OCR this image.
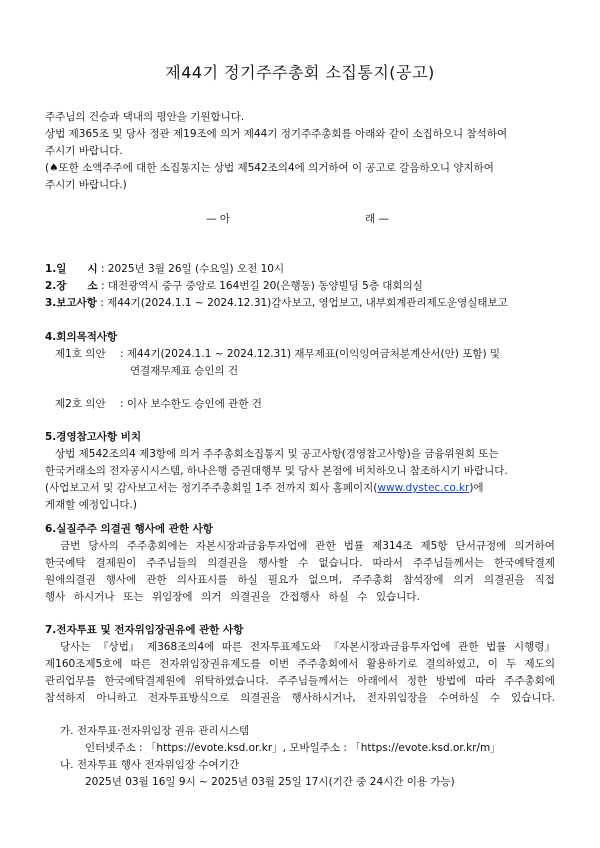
제44기 정기주주총회 소집통지(공고)
주주님의 건승과 댁내의 평안을 기원합니다.
상법 제365조 및 당사 정관 제19조에 의거 제44기 정기주주총회를 아래와 같이 소집하오니 참석하여
주시기 바랍니다.
(♠또한 소액주주에 대한 소집통지는 상법 제542조의4에 의거하여 이 공고로 갈음하오니 양지하여
주시기 바랍니다.)
— 아	래 —
1.일　　시 : 2025년 3월 26일 (수요일) 오전 10시
2.장　　소 : 대전광역시 중구 중앙로 164번길 20(은행동) 동양빌딩 5층 대회의실
3.보고사항 : 제44기(2024.1.1 ~ 2024.12.31)감사보고, 영업보고, 내부회계관리제도운영실태보고
4.회의목적사항
제1호 의안 : 제44기(2024.1.1 ~ 2024.12.31) 재무제표(이익잉여금처분계산서(안) 포함) 및
연결재무제표 승인의 건
제2호 의안 : 이사 보수한도 승인에 관한 건
5.경영참고사항 비치
상법 제542조의4 제3항에 의거 주주총회소집통지 및 공고사항(경영참고사항)을 금융위원회 또는
한국거래소의 전자공시시스템, 하나은행 증권대행부 및 당사 본점에 비치하오니 참조하시기 바랍니다.
(사업보고서 및 감사보고서는 정기주주총회일 1주 전까지 회사 홈페이지(www.dystec.co.kr)에
게재할 예정입니다.)
6.실질주주 의결권 행사에 관한 사항
금번 당사의 주주총회에는 자본시장과금융투자업에 관한 법률 제314조 제5항 단서규정에 의거하여
한국예탁 결제원이 주주님들의 의결권을 행사할 수 없습니다. 따라서 주주님들께서는 한국예탁결제
원에의결권 행사에 관한 의사표시를 하실 필요가 없으며, 주주총회 참석장에 의거 의결권을 직접
행사 하시거나 또는 위임장에 의거 의결권을 간접행사 하실 수 있습니다.
7.전자투표 및 전자위임장권유에 관한 사항
당사는 『상법』 제368조의4에 따른 전자투표제도와 『자본시장과금융투자업에 관한 법률 시행령』
제160조제5호에 따른 전자위임장권유제도를 이번 주주총회에서 활용하기로 결의하였고, 이 두 제도의
관리업무를 한국예탁결제원에 위탁하였습니다. 주주님들께서는 아래에서 정한 방법에 따라 주주총회에
참석하지 아니하고 전자투표방식으로 의결권을 행사하시거나, 전자위임장을 수여하실 수 있습니다.
가. 전자투표·전자위임장 권유 관리시스템
인터넷주소 : 「https://evote.ksd.or.kr」, 모바일주소 : 「https://evote.ksd.or.kr/m」
나. 전자투표 행사 전자위임장 수여기간
2025년 03월 16일 9시 ~ 2025년 03월 25일 17시(기간 중 24시간 이용 가능)
